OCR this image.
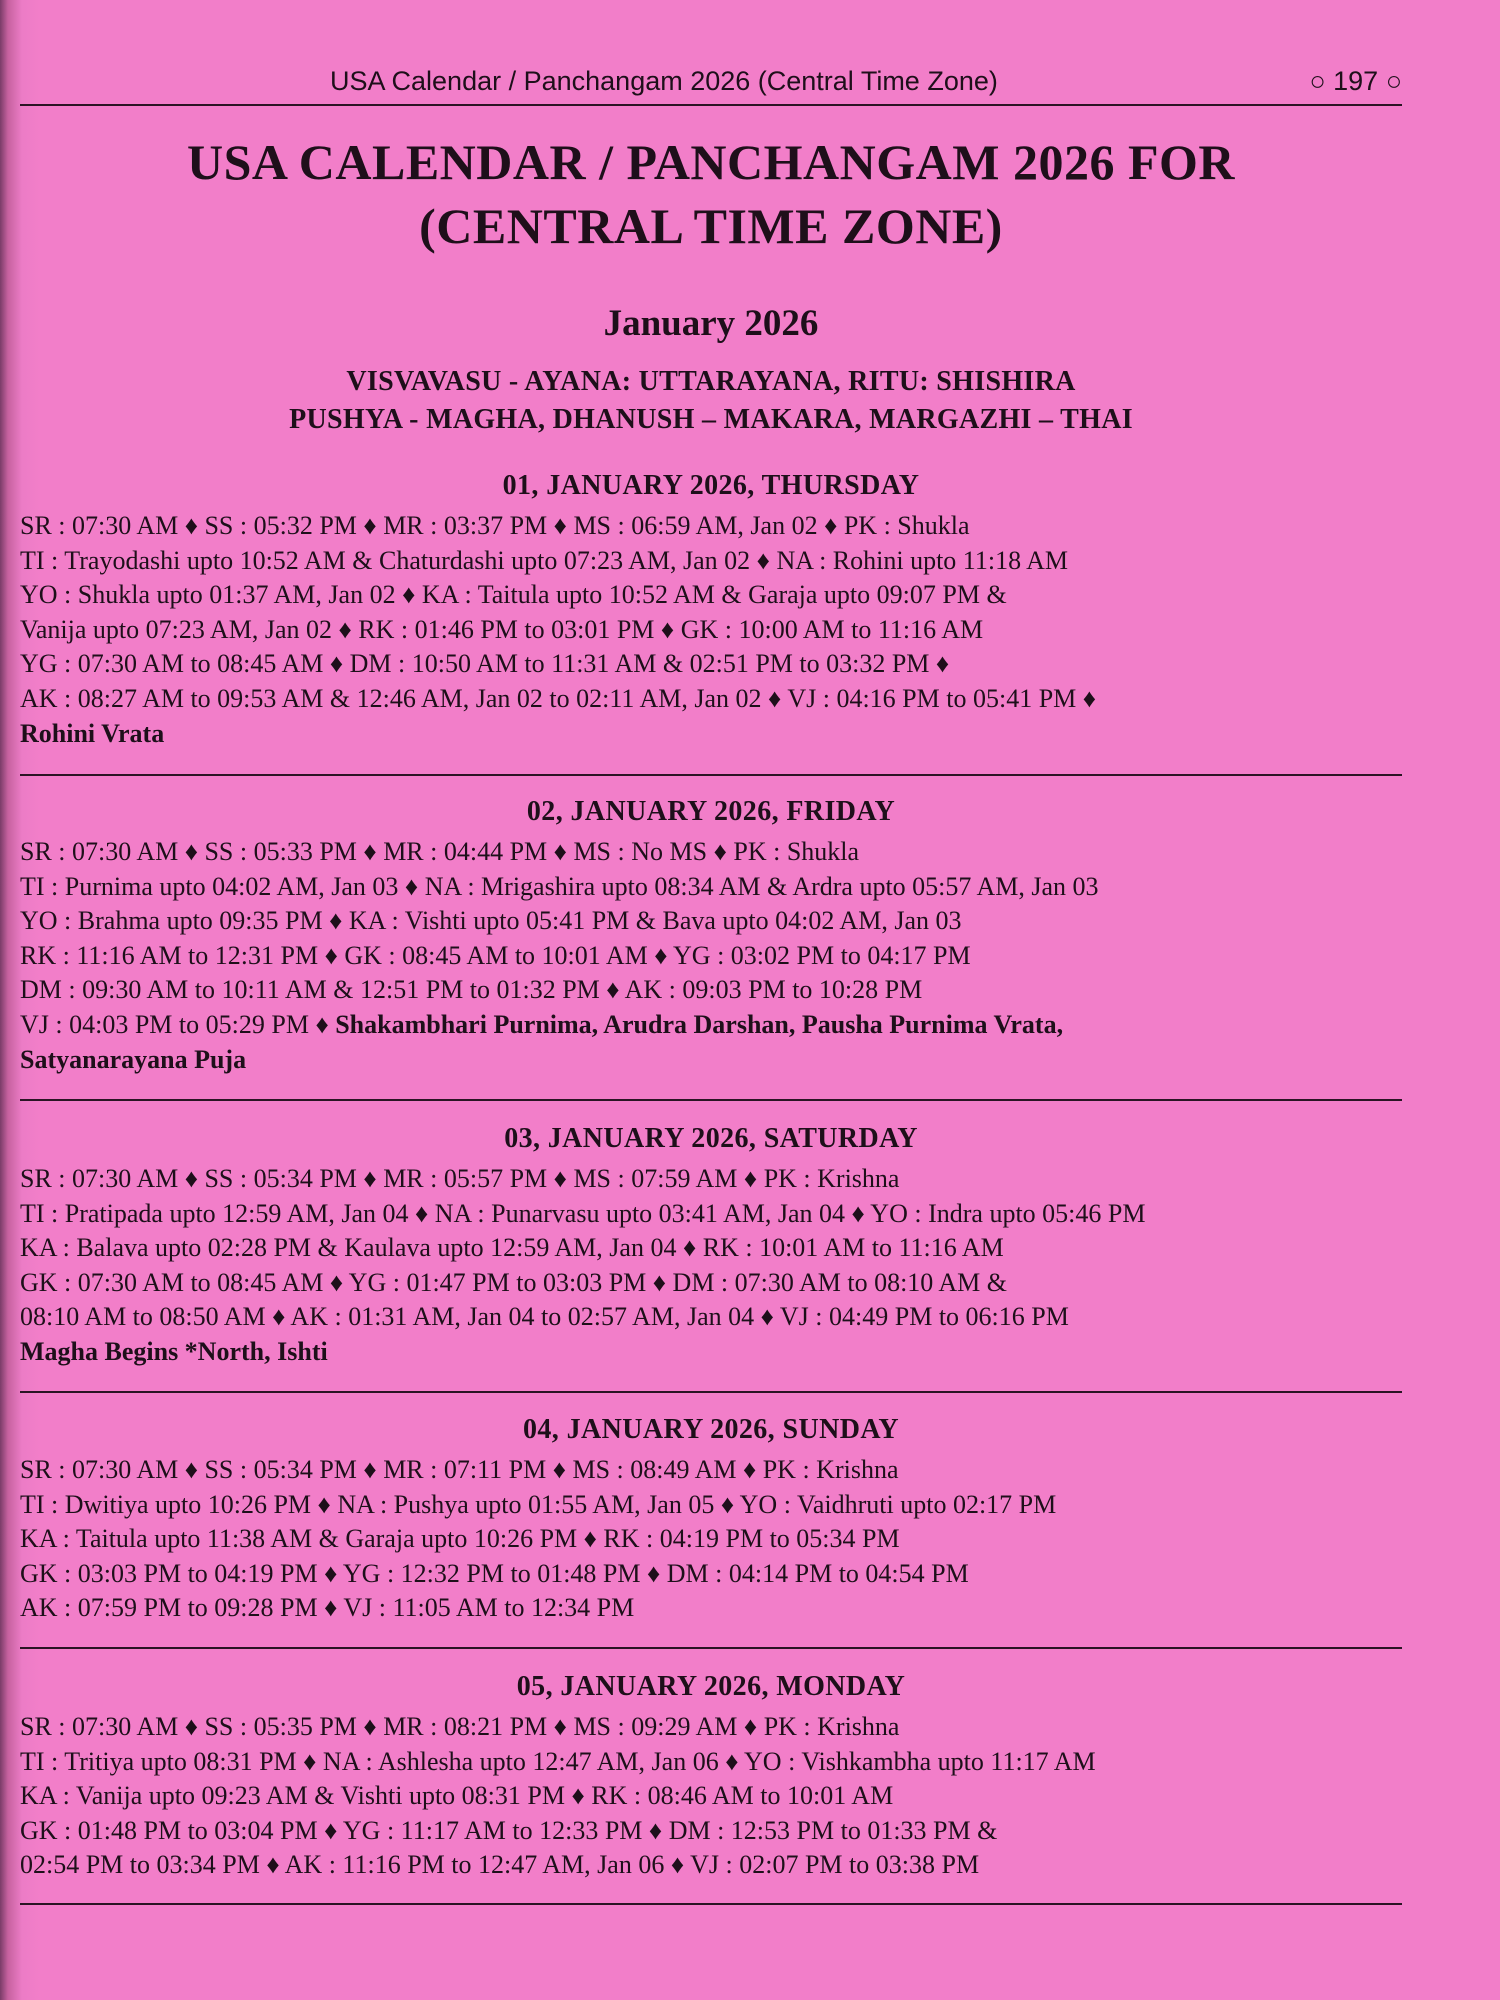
USA Calendar / Panchangam 2026 (Central Time Zone)	○ 197 ○
USA CALENDAR / PANCHANGAM 2026 FOR
(CENTRAL TIME ZONE)
January 2026
VISVAVASU - AYANA: UTTARAYANA, RITU: SHISHIRA
PUSHYA - MAGHA, DHANUSH – MAKARA, MARGAZHI – THAI
01, JANUARY 2026, THURSDAY
SR : 07:30 AM ♦ SS : 05:32 PM ♦ MR : 03:37 PM ♦ MS : 06:59 AM, Jan 02 ♦ PK : Shukla
TI : Trayodashi upto 10:52 AM & Chaturdashi upto 07:23 AM, Jan 02 ♦ NA : Rohini upto 11:18 AM
YO : Shukla upto 01:37 AM, Jan 02 ♦ KA : Taitula upto 10:52 AM & Garaja upto 09:07 PM &
Vanija upto 07:23 AM, Jan 02 ♦ RK : 01:46 PM to 03:01 PM ♦ GK : 10:00 AM to 11:16 AM
YG : 07:30 AM to 08:45 AM ♦ DM : 10:50 AM to 11:31 AM & 02:51 PM to 03:32 PM ♦
AK : 08:27 AM to 09:53 AM & 12:46 AM, Jan 02 to 02:11 AM, Jan 02 ♦ VJ : 04:16 PM to 05:41 PM ♦
Rohini Vrata
02, JANUARY 2026, FRIDAY
SR : 07:30 AM ♦ SS : 05:33 PM ♦ MR : 04:44 PM ♦ MS : No MS ♦ PK : Shukla
TI : Purnima upto 04:02 AM, Jan 03 ♦ NA : Mrigashira upto 08:34 AM & Ardra upto 05:57 AM, Jan 03
YO : Brahma upto 09:35 PM ♦ KA : Vishti upto 05:41 PM & Bava upto 04:02 AM, Jan 03
RK : 11:16 AM to 12:31 PM ♦ GK : 08:45 AM to 10:01 AM ♦ YG : 03:02 PM to 04:17 PM
DM : 09:30 AM to 10:11 AM & 12:51 PM to 01:32 PM ♦ AK : 09:03 PM to 10:28 PM
VJ : 04:03 PM to 05:29 PM ♦ Shakambhari Purnima, Arudra Darshan, Pausha Purnima Vrata,
Satyanarayana Puja
03, JANUARY 2026, SATURDAY
SR : 07:30 AM ♦ SS : 05:34 PM ♦ MR : 05:57 PM ♦ MS : 07:59 AM ♦ PK : Krishna
TI : Pratipada upto 12:59 AM, Jan 04 ♦ NA : Punarvasu upto 03:41 AM, Jan 04 ♦ YO : Indra upto 05:46 PM
KA : Balava upto 02:28 PM & Kaulava upto 12:59 AM, Jan 04 ♦ RK : 10:01 AM to 11:16 AM
GK : 07:30 AM to 08:45 AM ♦ YG : 01:47 PM to 03:03 PM ♦ DM : 07:30 AM to 08:10 AM &
08:10 AM to 08:50 AM ♦ AK : 01:31 AM, Jan 04 to 02:57 AM, Jan 04 ♦ VJ : 04:49 PM to 06:16 PM
Magha Begins *North, Ishti
04, JANUARY 2026, SUNDAY
SR : 07:30 AM ♦ SS : 05:34 PM ♦ MR : 07:11 PM ♦ MS : 08:49 AM ♦ PK : Krishna
TI : Dwitiya upto 10:26 PM ♦ NA : Pushya upto 01:55 AM, Jan 05 ♦ YO : Vaidhruti upto 02:17 PM
KA : Taitula upto 11:38 AM & Garaja upto 10:26 PM ♦ RK : 04:19 PM to 05:34 PM
GK : 03:03 PM to 04:19 PM ♦ YG : 12:32 PM to 01:48 PM ♦ DM : 04:14 PM to 04:54 PM
AK : 07:59 PM to 09:28 PM ♦ VJ : 11:05 AM to 12:34 PM
05, JANUARY 2026, MONDAY
SR : 07:30 AM ♦ SS : 05:35 PM ♦ MR : 08:21 PM ♦ MS : 09:29 AM ♦ PK : Krishna
TI : Tritiya upto 08:31 PM ♦ NA : Ashlesha upto 12:47 AM, Jan 06 ♦ YO : Vishkambha upto 11:17 AM
KA : Vanija upto 09:23 AM & Vishti upto 08:31 PM ♦ RK : 08:46 AM to 10:01 AM
GK : 01:48 PM to 03:04 PM ♦ YG : 11:17 AM to 12:33 PM ♦ DM : 12:53 PM to 01:33 PM &
02:54 PM to 03:34 PM ♦ AK : 11:16 PM to 12:47 AM, Jan 06 ♦ VJ : 02:07 PM to 03:38 PM
